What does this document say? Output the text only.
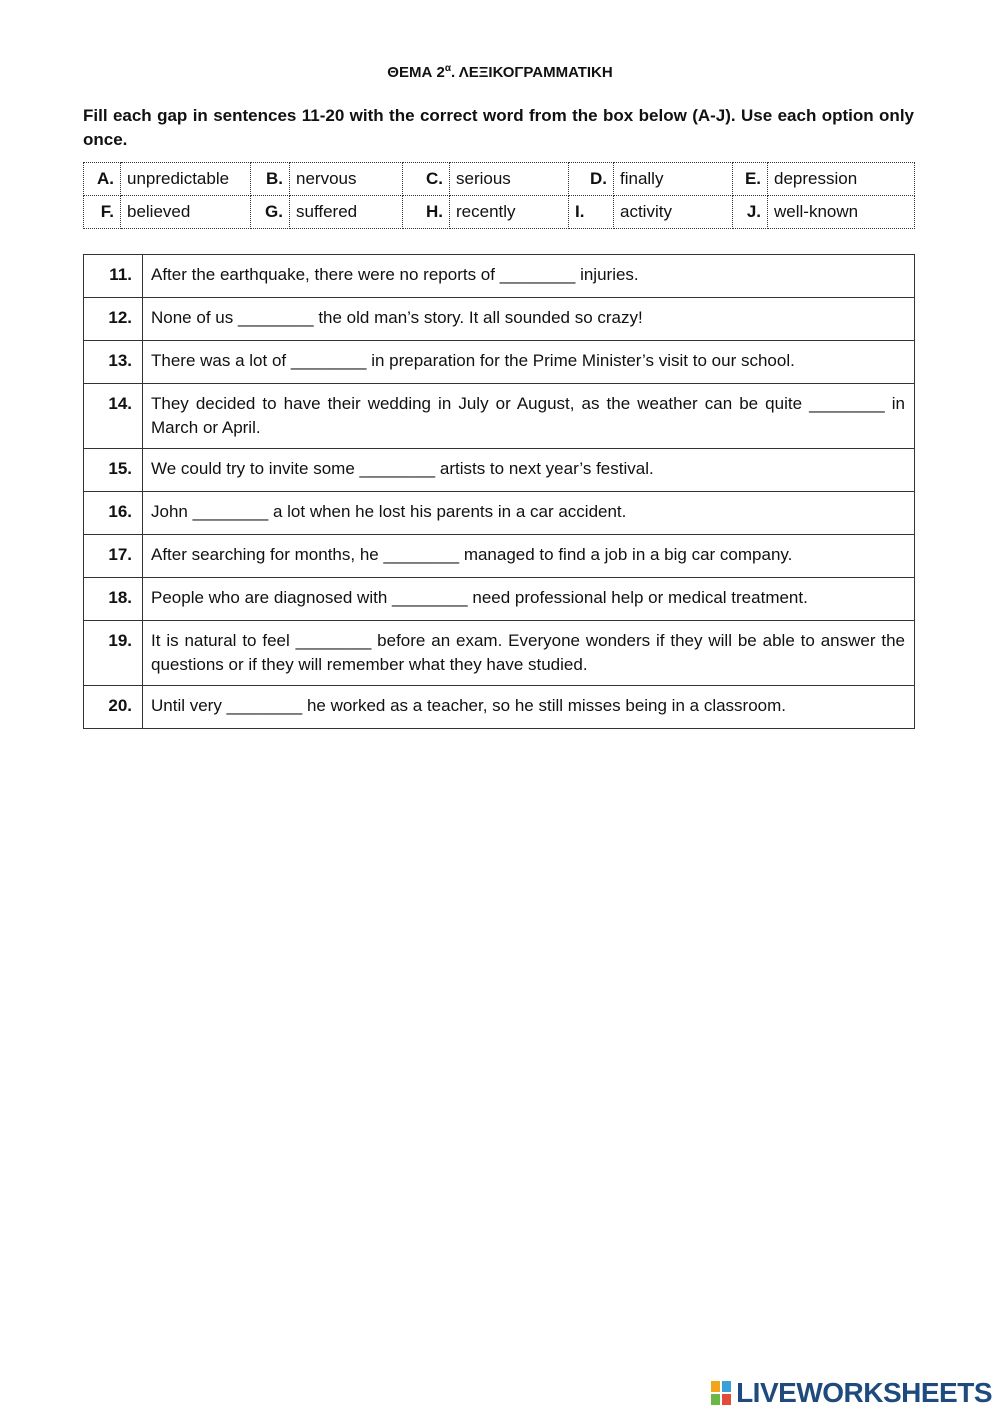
ΘΕΜΑ $2^\alpha$. ΛΕΞΙΚΟΓΡΑΜΜΑΤΙΚΗ
Fill each gap in sentences 11-20 with the correct word from the box below (A-J). Use each option only once.
A.	unpredictable	B.	nervous	C.	serious	D.	finally	E.	depression
F.	believed	G.	suffered	H.	recently	I.	activity	J.	well-known
11.	After the earthquake, there were no reports of ________ injuries.
12.	None of us ________ the old man’s story. It all sounded so crazy!
13.	There was a lot of ________ in preparation for the Prime Minister’s visit to our school.
14.	They decided to have their wedding in July or August, as the weather can be quite ________ in March or April.
15.	We could try to invite some ________ artists to next year’s festival.
16.	John ________ a lot when he lost his parents in a car accident.
17.	After searching for months, he ________ managed to find a job in a big car company.
18.	People who are diagnosed with ________ need professional help or medical treatment.
19.	It is natural to feel ________ before an exam. Everyone wonders if they will be able to answer the questions or if they will remember what they have studied.
20.	Until very ________ he worked as a teacher, so he still misses being in a classroom.
LIVEWORKSHEETS
